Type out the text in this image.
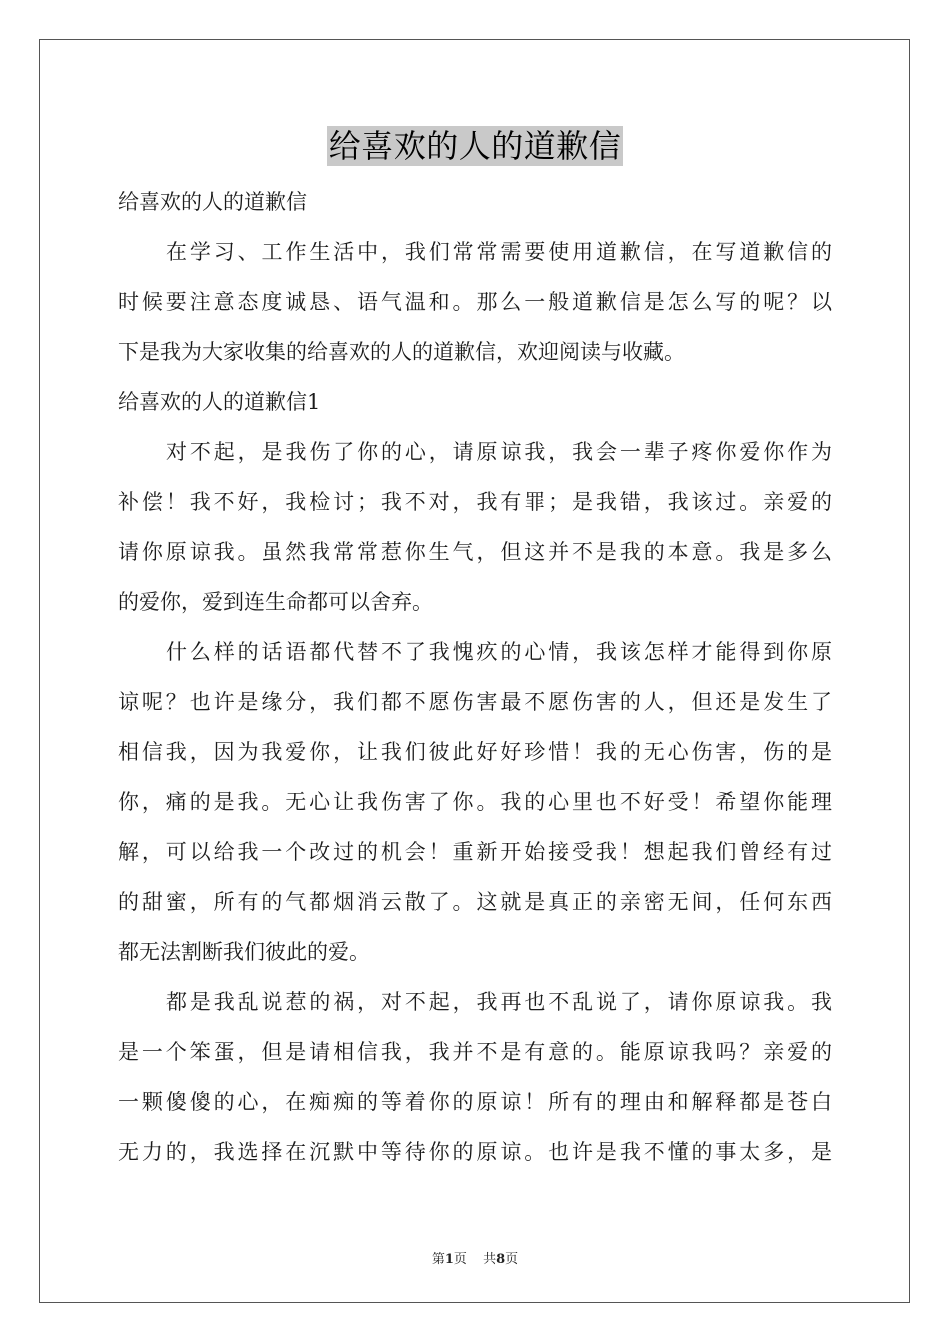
给喜欢的人的道歉信
给喜欢的人的道歉信
在学习、工作生活中，我们常常需要使用道歉信，在写道歉信的
时候要注意态度诚恳、语气温和。那么一般道歉信是怎么写的呢？以
下是我为大家收集的给喜欢的人的道歉信，欢迎阅读与收藏。
给喜欢的人的道歉信1
对不起，是我伤了你的心，请原谅我，我会一辈子疼你爱你作为
补偿！我不好，我检讨；我不对，我有罪；是我错，我该过。亲爱的
请你原谅我。虽然我常常惹你生气，但这并不是我的本意。我是多么
的爱你，爱到连生命都可以舍弃。
什么样的话语都代替不了我愧疚的心情，我该怎样才能得到你原
谅呢？也许是缘分，我们都不愿伤害最不愿伤害的人，但还是发生了
相信我，因为我爱你，让我们彼此好好珍惜！我的无心伤害，伤的是
你，痛的是我。无心让我伤害了你。我的心里也不好受！希望你能理
解，可以给我一个改过的机会！重新开始接受我！想起我们曾经有过
的甜蜜，所有的气都烟消云散了。这就是真正的亲密无间，任何东西
都无法割断我们彼此的爱。
都是我乱说惹的祸，对不起，我再也不乱说了，请你原谅我。我
是一个笨蛋，但是请相信我，我并不是有意的。能原谅我吗？亲爱的
一颗傻傻的心，在痴痴的等着你的原谅！所有的理由和解释都是苍白
无力的，我选择在沉默中等待你的原谅。也许是我不懂的事太多，是
第1页 共8页
